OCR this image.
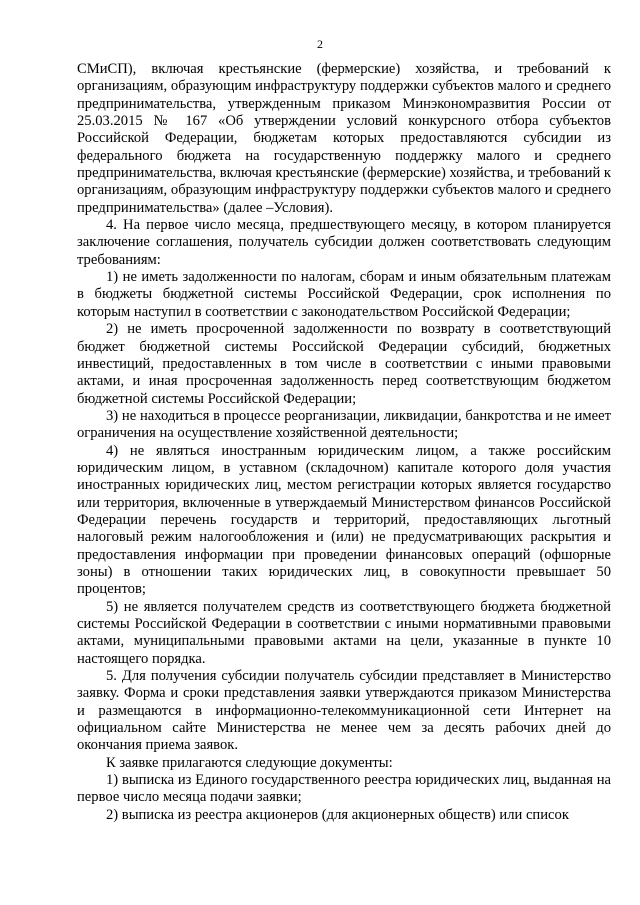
2

СМиСП), включая крестьянские (фермерские) хозяйства, и требований к организациям, образующим инфраструктуру поддержки субъектов малого и среднего предпринимательства, утвержденным приказом Минэкономразвития России от 25.03.2015 № 167 «Об утверждении условий конкурсного отбора субъектов Российской Федерации, бюджетам которых предоставляются субсидии из федерального бюджета на государственную поддержку малого и среднего предпринимательства, включая крестьянские (фермерские) хозяйства, и требований к организациям, образующим инфраструктуру поддержки субъектов малого и среднего предпринимательства» (далее –Условия).

4. На первое число месяца, предшествующего месяцу, в котором планируется заключение соглашения, получатель субсидии должен соответствовать следующим требованиям:

1) не иметь задолженности по налогам, сборам и иным обязательным платежам в бюджеты бюджетной системы Российской Федерации, срок исполнения по которым наступил в соответствии с законодательством Российской Федерации;

2) не иметь просроченной задолженности по возврату в соответствующий бюджет бюджетной системы Российской Федерации субсидий, бюджетных инвестиций, предоставленных в том числе в соответствии с иными правовыми актами, и иная просроченная задолженность перед соответствующим бюджетом бюджетной системы Российской Федерации;

3) не находиться в процессе реорганизации, ликвидации, банкротства и не имеет ограничения на осуществление хозяйственной деятельности;

4) не являться иностранным юридическим лицом, а также российским юридическим лицом, в уставном (складочном) капитале которого доля участия иностранных юридических лиц, местом регистрации которых является государство или территория, включенные в утверждаемый Министерством финансов Российской Федерации перечень государств и территорий, предоставляющих льготный налоговый режим налогообложения и (или) не предусматривающих раскрытия и предоставления информации при проведении финансовых операций (офшорные зоны) в отношении таких юридических лиц, в совокупности превышает 50 процентов;

5) не является получателем средств из соответствующего бюджета бюджетной системы Российской Федерации в соответствии с иными нормативными правовыми актами, муниципальными правовыми актами на цели, указанные в пункте 10 настоящего порядка.

5. Для получения субсидии получатель субсидии представляет в Министерство заявку. Форма и сроки представления заявки утверждаются приказом Министерства и размещаются в информационно-телекоммуникационной сети Интернет на официальном сайте Министерства не менее чем за десять рабочих дней до окончания приема заявок.

К заявке прилагаются следующие документы:

1) выписка из Единого государственного реестра юридических лиц, выданная на первое число месяца подачи заявки;

2) выписка из реестра акционеров (для акционерных обществ) или список
